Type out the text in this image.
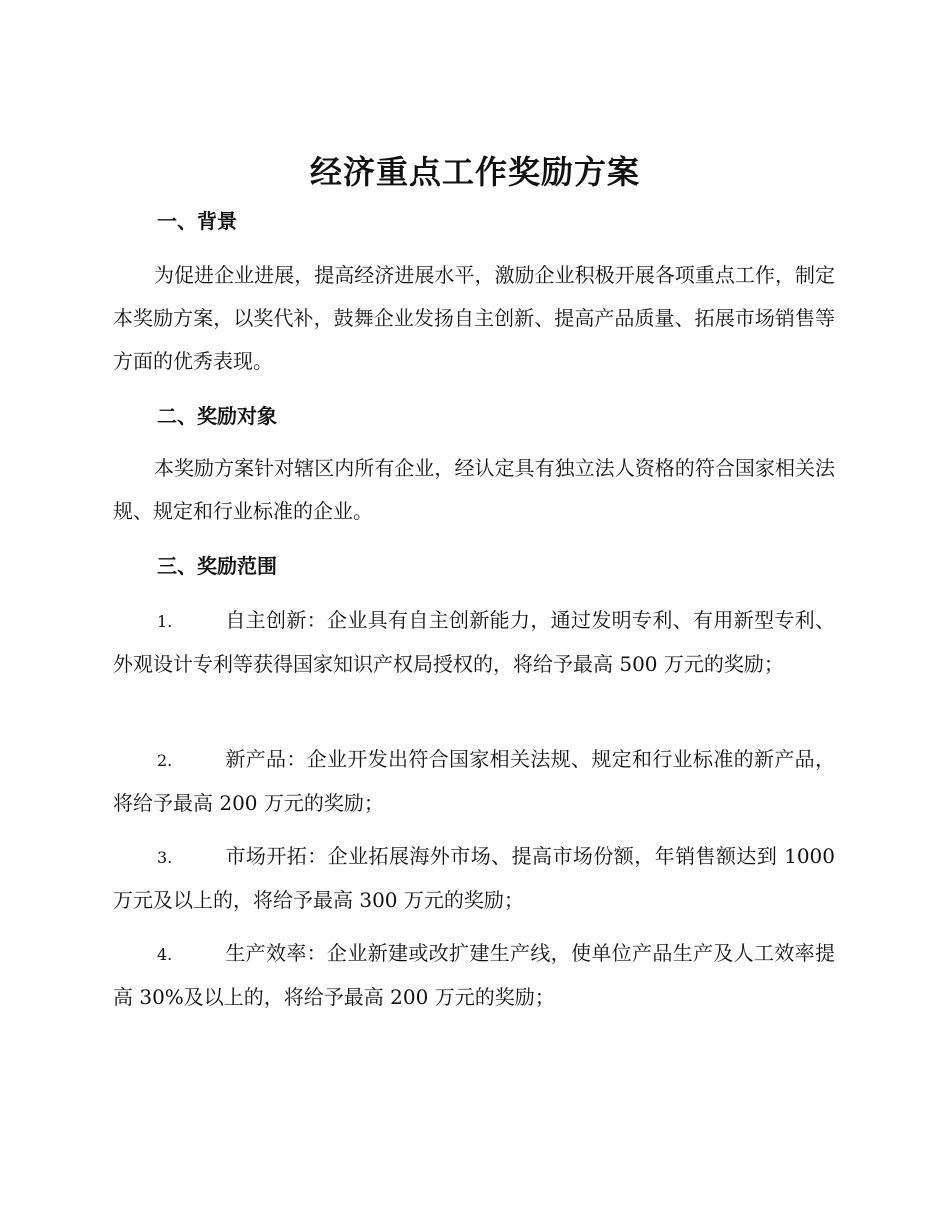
经济重点工作奖励方案
一、背景
为促进企业进展，提高经济进展水平，激励企业积极开展各项重点工作，制定本奖励方案，以奖代补，鼓舞企业发扬自主创新、提高产品质量、拓展市场销售等方面的优秀表现。
二、奖励对象
本奖励方案针对辖区内所有企业，经认定具有独立法人资格的符合国家相关法规、规定和行业标准的企业。
三、奖励范围
1.	自主创新：企业具有自主创新能力，通过发明专利、有用新型专利、外观设计专利等获得国家知识产权局授权的，将给予最高 500 万元的奖励；
2.	新产品：企业开发出符合国家相关法规、规定和行业标准的新产品，将给予最高 200 万元的奖励；
3.	市场开拓：企业拓展海外市场、提高市场份额，年销售额达到 1000 万元及以上的，将给予最高 300 万元的奖励；
4.	生产效率：企业新建或改扩建生产线，使单位产品生产及人工效率提高 30%及以上的，将给予最高 200 万元的奖励；
